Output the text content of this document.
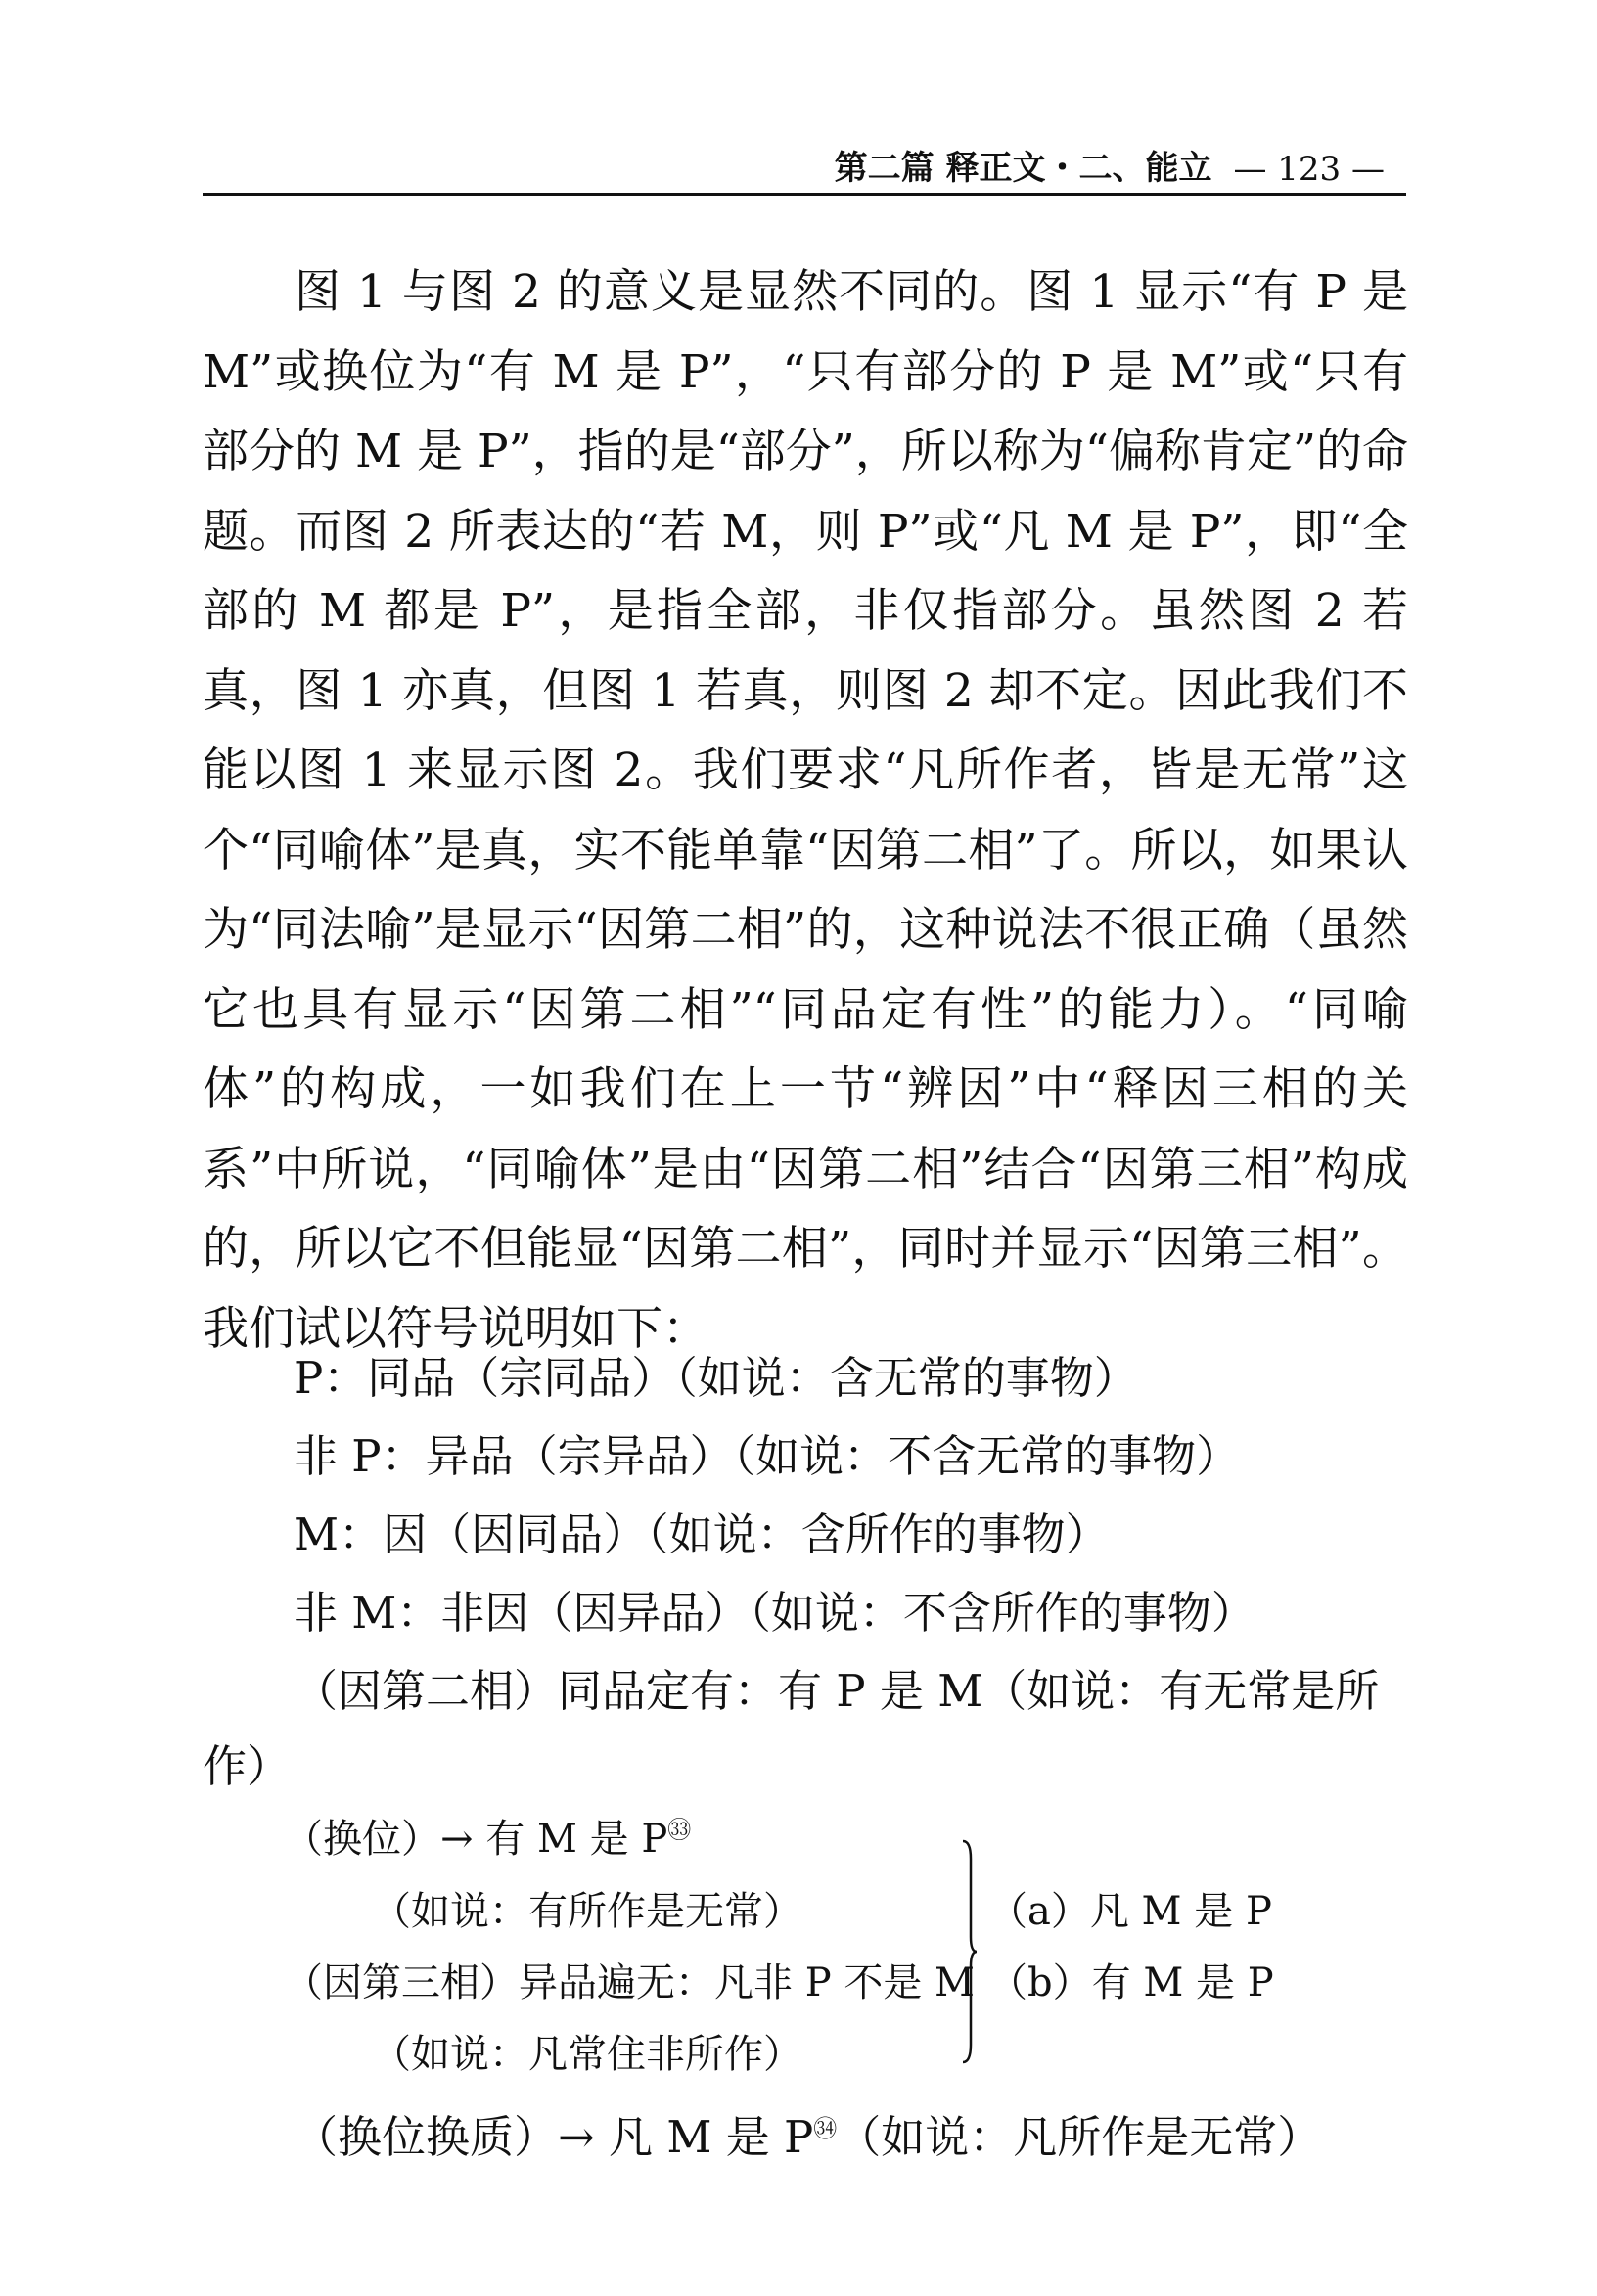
第二篇 释正文・二、能立 — 123 —

图 1 与图 2 的意义是显然不同的。图 1 显示“有 P 是 M”或换位为“有 M 是 P”，“只有部分的 P 是 M”或“只有部分的 M 是 P”，指的是“部分”，所以称为“偏称肯定”的命题。而图 2 所表达的“若 M，则 P”或“凡 M 是 P”，即“全部的 M 都是 P”，是指全部，非仅指部分。虽然图 2 若真，图 1 亦真，但图 1 若真，则图 2 却不定。因此我们不能以图 1 来显示图 2。我们要求“凡所作者，皆是无常”这个“同喻体”是真，实不能单靠“因第二相”了。所以，如果认为“同法喻”是显示“因第二相”的，这种说法不很正确（虽然它也具有显示“因第二相”“同品定有性”的能力）。“同喻体”的构成，一如我们在上一节“辨因”中“释因三相的关系”中所说，“同喻体”是由“因第二相”结合“因第三相”构成的，所以它不但能显“因第二相”，同时并显示“因第三相”。我们试以符号说明如下：

P：同品（宗同品）（如说：含无常的事物）
非 P：异品（宗异品）（如说：不含无常的事物）
M：因（因同品）（如说：含所作的事物）
非 M：非因（因异品）（如说：不含所作的事物）
（因第二相）同品定有：有 P 是 M（如说：有无常是所
作）
（换位）→ 有 M 是 $P^㉝$
（如说：有所作是无常）
（因第三相）异品遍无：凡非 P 不是 M
（如说：凡常住非所作）
（a）凡 M 是 P
（b）有 M 是 P
（换位换质）→ 凡 M 是 $P^㉞$（如说：凡所作是无常）
